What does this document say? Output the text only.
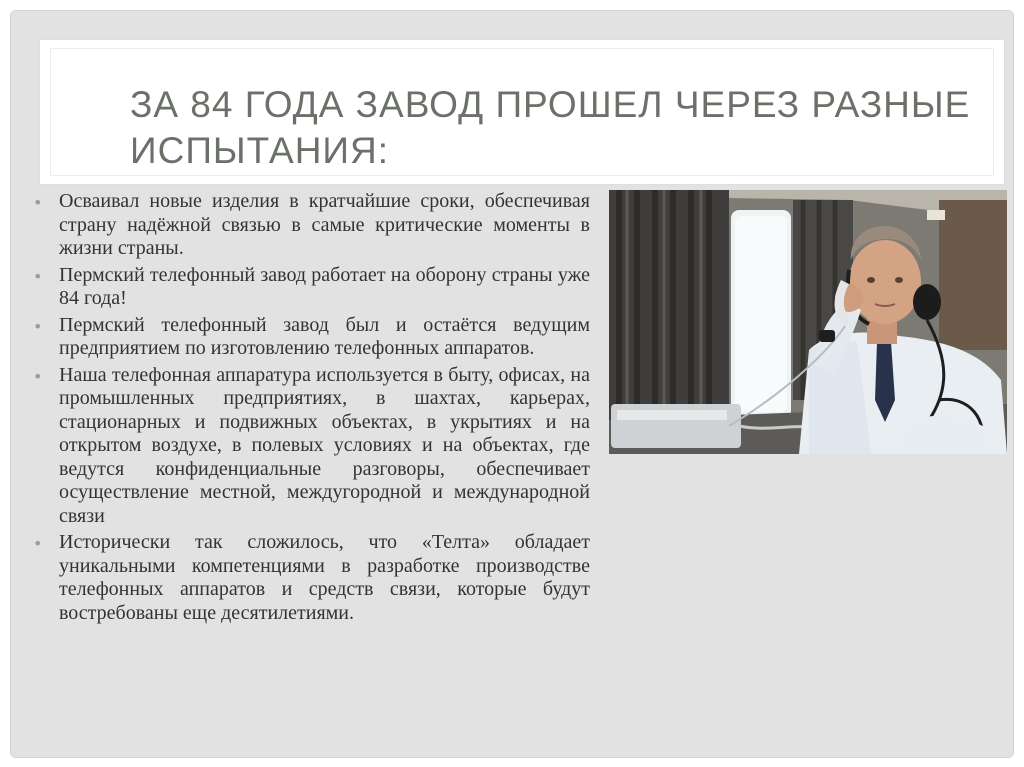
ЗА 84 ГОДА ЗАВОД ПРОШЕЛ ЧЕРЕЗ РАЗНЫЕ ИСПЫТАНИЯ:
• Осваивал новые изделия в кратчайшие сроки, обеспечивая страну надёжной связью в самые критические моменты в жизни страны.
• Пермский телефонный завод работает на оборону страны уже 84 года!
• Пермский телефонный завод был и остаётся ведущим предприятием по изготовлению телефонных аппаратов.
• Наша телефонная аппаратура используется в быту, офисах, на промышленных предприятиях, в шахтах, карьерах, стационарных и подвижных объектах, в укрытиях и на открытом воздухе, в полевых условиях и на объектах, где ведутся конфиденциальные разговоры, обеспечивает осуществление местной, междугородной и международной связи
• Исторически так сложилось, что «Телта» обладает уникальными компетенциями в разработке производстве телефонных аппаратов и средств связи, которые будут востребованы еще десятилетиями.
